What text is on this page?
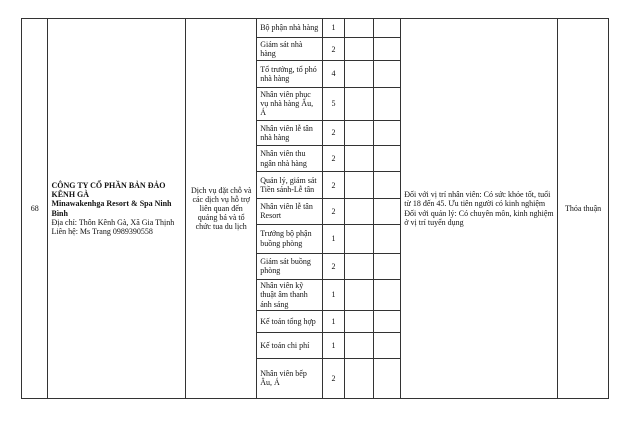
68	CÔNG TY CỔ PHẦN BẢN ĐẢO KÊNH GÀ
Minawakenhga Resort & Spa Ninh Bình
Địa chỉ: Thôn Kênh Gà, Xã Gia Thịnh
Liên hệ: Ms Trang 0989390558	Dịch vụ đặt chỗ và các dịch vụ hỗ trợ liên quan đến quảng bá và tổ chức tua du lịch	Bộ phận nhà hàng	1			Đối với vị trí nhân viên: Có sức khỏe tốt, tuổi từ 18 đến 45. Ưu tiên người có kinh nghiệm Đối với quản lý: Có chuyên môn, kinh nghiệm ở vị trí tuyển dụng	Thỏa thuận
			Giám sát nhà hàng	2				
			Tổ trưởng, tổ phó nhà hàng	4				
			Nhân viên phục vụ nhà hàng Âu, Á	5				
			Nhân viên lễ tân nhà hàng	2				
			Nhân viên thu ngân nhà hàng	2				
			Quản lý, giám sát Tiền sảnh-Lễ tân	2				
			Nhân viên lễ tân Resort	2				
			Trưởng bộ phận buồng phòng	1				
			Giám sát buồng phòng	2				
			Nhân viên kỹ thuật âm thanh ánh sáng	1				
			Kế toán tổng hợp	1				
			Kế toán chi phí	1				
			Nhân viên bếp Âu, Á	2				
